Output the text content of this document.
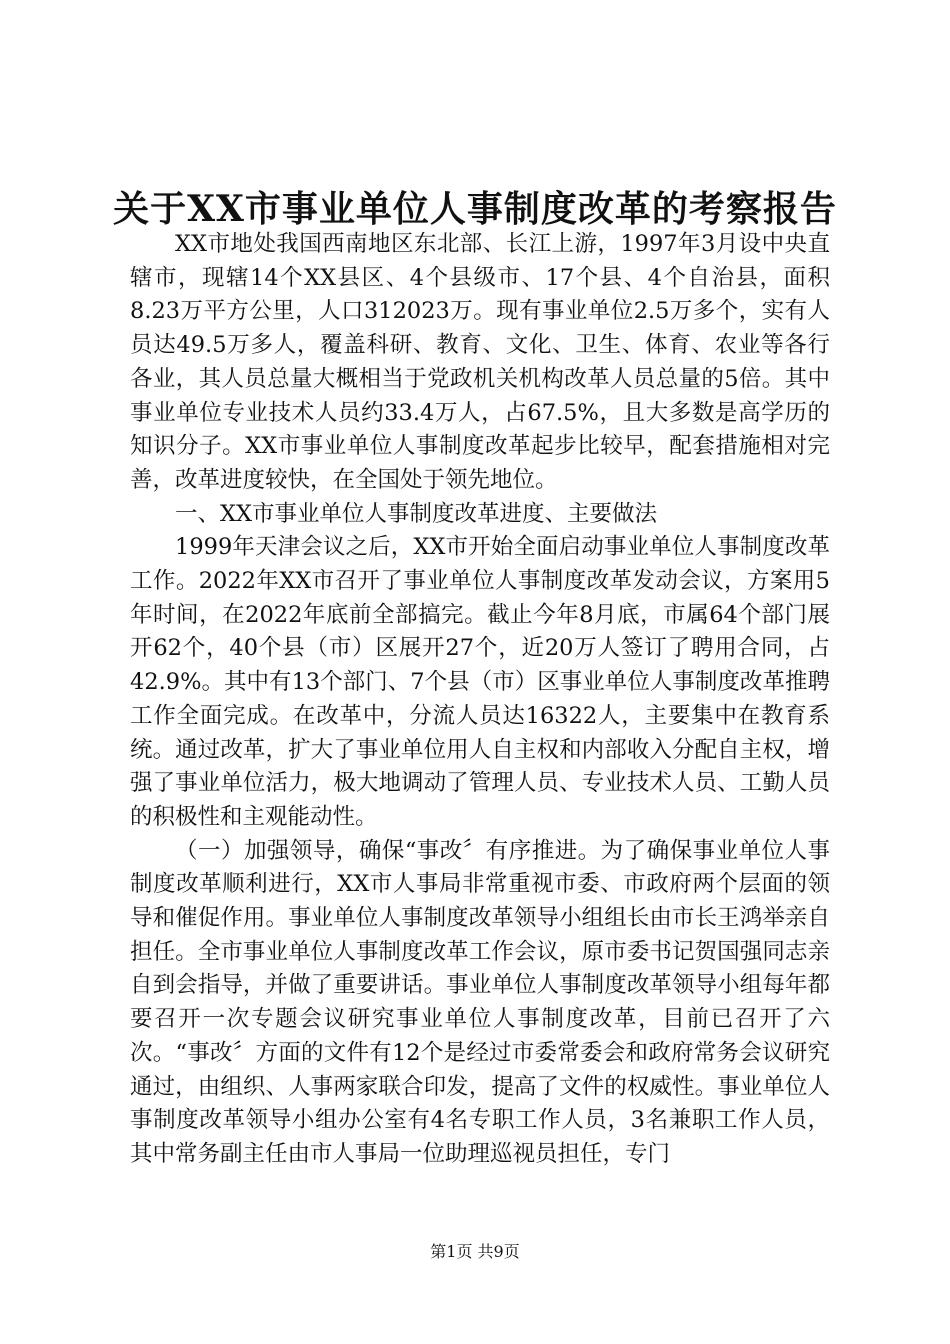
关于XX市事业单位人事制度改革的考察报告

XX市地处我国西南地区东北部、长江上游，1997年3月设中央直辖市，现辖14个XX县区、4个县级市、17个县、4个自治县，面积8.23万平方公里，人口312023万。现有事业单位2.5万多个，实有人员达49.5万多人，覆盖科研、教育、文化、卫生、体育、农业等各行各业，其人员总量大概相当于党政机关机构改革人员总量的5倍。其中事业单位专业技术人员约33.4万人，占67.5%，且大多数是高学历的知识分子。XX市事业单位人事制度改革起步比较早，配套措施相对完善，改革进度较快，在全国处于领先地位。

一、XX市事业单位人事制度改革进度、主要做法

1999年天津会议之后，XX市开始全面启动事业单位人事制度改革工作。2022年XX市召开了事业单位人事制度改革发动会议，方案用5年时间，在2022年底前全部搞完。截止今年8月底，市属64个部门展开62个，40个县（市）区展开27个，近20万人签订了聘用合同，占42.9%。其中有13个部门、7个县（市）区事业单位人事制度改革推聘工作全面完成。在改革中，分流人员达16322人，主要集中在教育系统。通过改革，扩大了事业单位用人自主权和内部收入分配自主权，增强了事业单位活力，极大地调动了管理人员、专业技术人员、工勤人员的积极性和主观能动性。

（一）加强领导，确保“事改〞有序推进。为了确保事业单位人事制度改革顺利进行，XX市人事局非常重视市委、市政府两个层面的领导和催促作用。事业单位人事制度改革领导小组组长由市长王鸿举亲自担任。全市事业单位人事制度改革工作会议，原市委书记贺国强同志亲自到会指导，并做了重要讲话。事业单位人事制度改革领导小组每年都要召开一次专题会议研究事业单位人事制度改革，目前已召开了六次。“事改〞方面的文件有12个是经过市委常委会和政府常务会议研究通过，由组织、人事两家联合印发，提高了文件的权威性。事业单位人事制度改革领导小组办公室有4名专职工作人员，3名兼职工作人员，其中常务副主任由市人事局一位助理巡视员担任，专门

第1页 共9页
